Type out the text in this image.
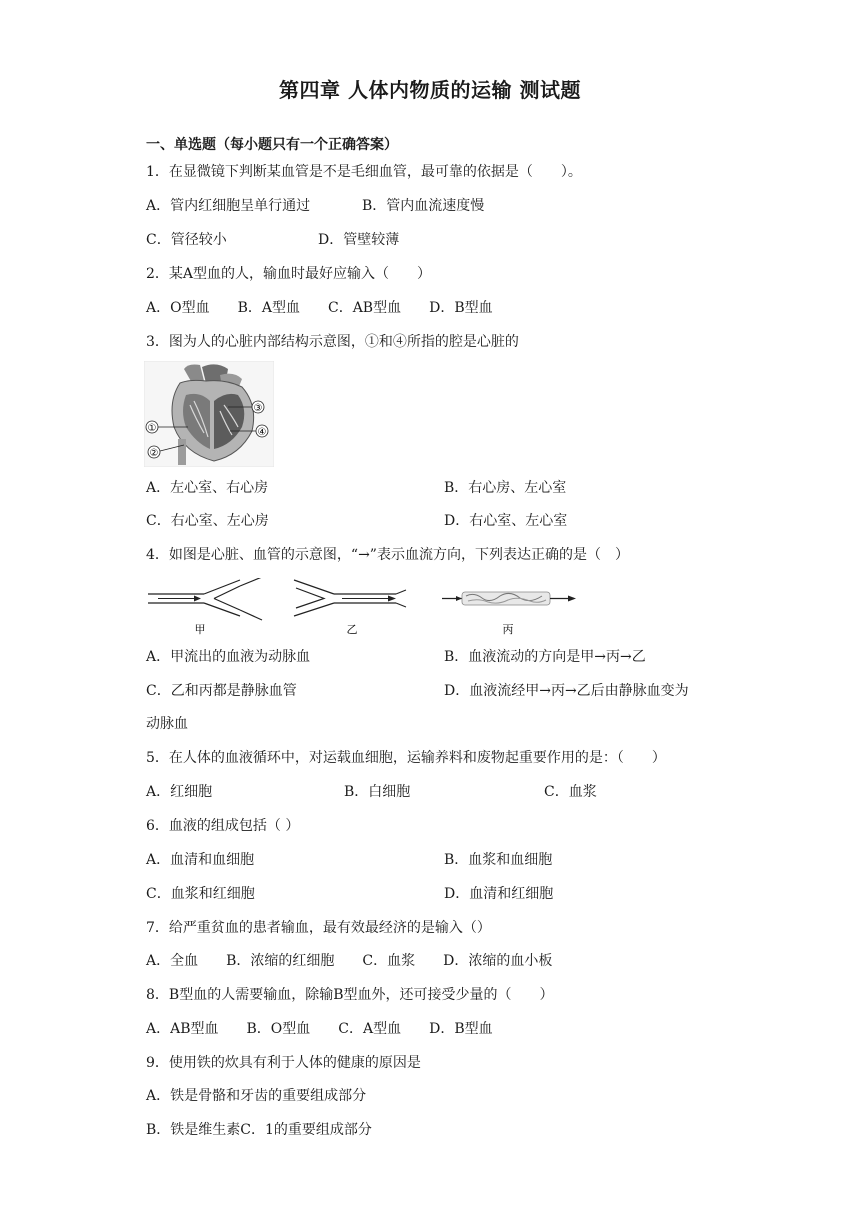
第四章 人体内物质的运输 测试题
一、单选题（每小题只有一个正确答案）
1．在显微镜下判断某血管是不是毛细血管，最可靠的依据是（　　）。
A．管内红细胞呈单行通过	B．管内血流速度慢
C．管径较小	D．管壁较薄
2．某A型血的人，输血时最好应输入（　　）
A．O型血　　B．A型血　　C．AB型血　　D．B型血
3．图为人的心脏内部结构示意图，①和④所指的腔是心脏的
①
②
③
④
A．左心室、右心房	B．右心房、左心室
C．右心室、左心房	D．右心室、左心室
4．如图是心脏、血管的示意图，“→”表示血流方向，下列表达正确的是（　）
甲	乙	丙
A．甲流出的血液为动脉血	B．血液流动的方向是甲→丙→乙
C．乙和丙都是静脉血管	D．血液流经甲→丙→乙后由静脉血变为
动脉血
5．在人体的血液循环中，对运载血细胞，运输养料和废物起重要作用的是：（　　）
A．红细胞	B．白细胞	C．血浆
6．血液的组成包括（ ）
A．血清和血细胞	B．血浆和血细胞
C．血浆和红细胞	D．血清和红细胞
7．给严重贫血的患者输血，最有效最经济的是输入（）
A．全血　　B．浓缩的红细胞　　C．血浆　　D．浓缩的血小板
8．B型血的人需要输血，除输B型血外，还可接受少量的（　　）
A．AB型血　　B．O型血　　C．A型血　　D．B型血
9．使用铁的炊具有利于人体的健康的原因是
A．铁是骨骼和牙齿的重要组成部分
B．铁是维生素C．1的重要组成部分
